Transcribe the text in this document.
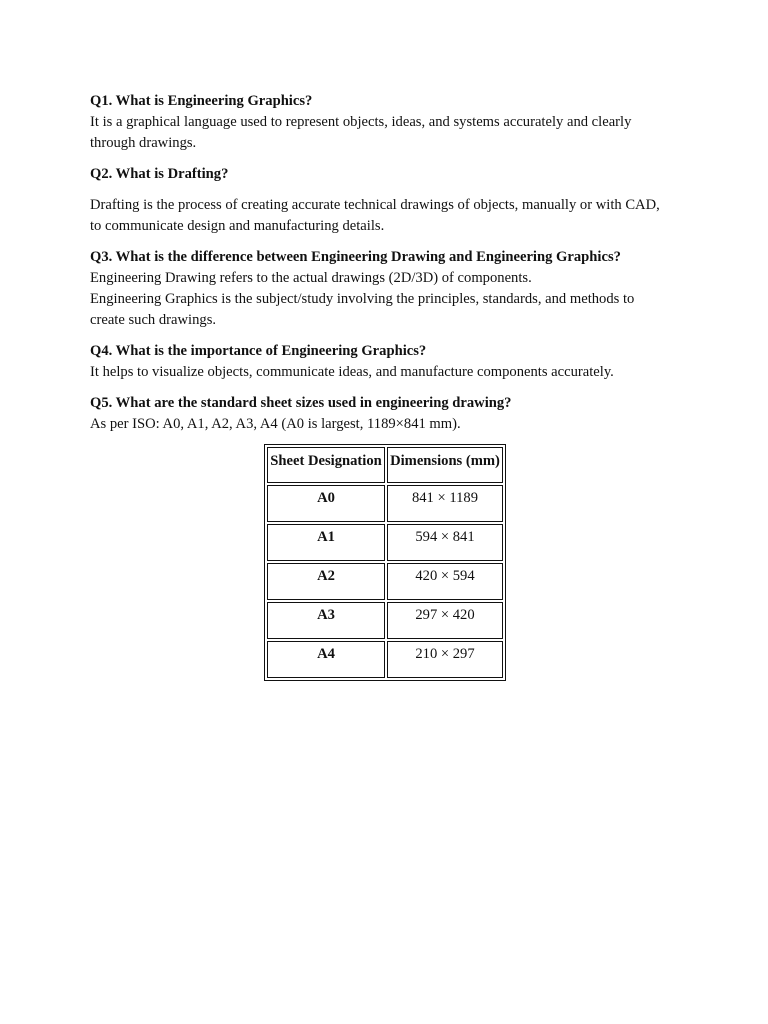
Q1. What is Engineering Graphics?

It is a graphical language used to represent objects, ideas, and systems accurately and clearly through drawings.

Q2. What is Drafting?

Drafting is the process of creating accurate technical drawings of objects, manually or with CAD, to communicate design and manufacturing details.

Q3. What is the difference between Engineering Drawing and Engineering Graphics?

Engineering Drawing refers to the actual drawings (2D/3D) of components.

Engineering Graphics is the subject/study involving the principles, standards, and methods to create such drawings.

Q4. What is the importance of Engineering Graphics?

It helps to visualize objects, communicate ideas, and manufacture components accurately.

Q5. What are the standard sheet sizes used in engineering drawing?

As per ISO: A0, A1, A2, A3, A4 (A0 is largest, 1189×841 mm).

Sheet Designation	Dimensions (mm)
A0	841 × 1189
A1	594 × 841
A2	420 × 594
A3	297 × 420
A4	210 × 297
